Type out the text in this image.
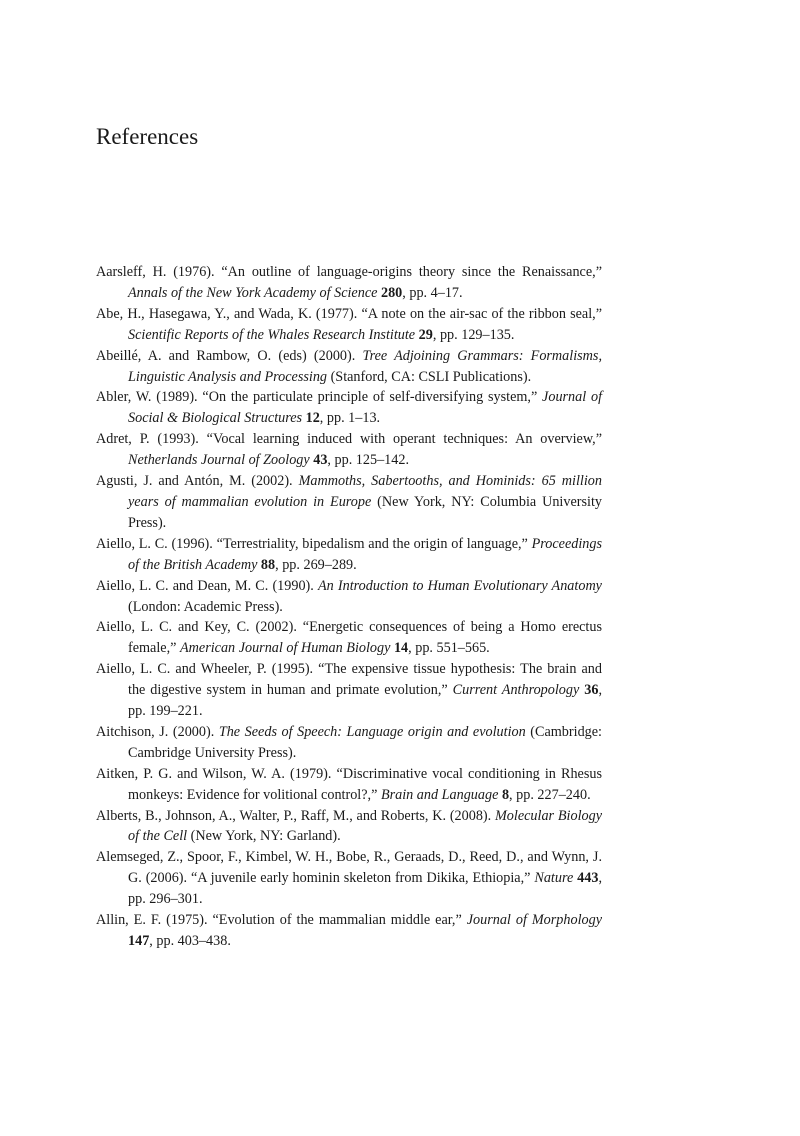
References
Aarsleff, H. (1976). “An outline of language-origins theory since the Renaissance,” Annals of the New York Academy of Science 280, pp. 4–17.
Abe, H., Hasegawa, Y., and Wada, K. (1977). “A note on the air-sac of the ribbon seal,” Scientific Reports of the Whales Research Institute 29, pp. 129–135.
Abeillé, A. and Rambow, O. (eds) (2000). Tree Adjoining Grammars: Formalisms, Linguistic Analysis and Processing (Stanford, CA: CSLI Publications).
Abler, W. (1989). “On the particulate principle of self-diversifying system,” Journal of Social & Biological Structures 12, pp. 1–13.
Adret, P. (1993). “Vocal learning induced with operant techniques: An overview,” Netherlands Journal of Zoology 43, pp. 125–142.
Agusti, J. and Antón, M. (2002). Mammoths, Sabertooths, and Hominids: 65 million years of mammalian evolution in Europe (New York, NY: Columbia University Press).
Aiello, L. C. (1996). “Terrestriality, bipedalism and the origin of language,” Proceedings of the British Academy 88, pp. 269–289.
Aiello, L. C. and Dean, M. C. (1990). An Introduction to Human Evolutionary Anatomy (London: Academic Press).
Aiello, L. C. and Key, C. (2002). “Energetic consequences of being a Homo erectus female,” American Journal of Human Biology 14, pp. 551–565.
Aiello, L. C. and Wheeler, P. (1995). “The expensive tissue hypothesis: The brain and the digestive system in human and primate evolution,” Current Anthropology 36, pp. 199–221.
Aitchison, J. (2000). The Seeds of Speech: Language origin and evolution (Cambridge: Cambridge University Press).
Aitken, P. G. and Wilson, W. A. (1979). “Discriminative vocal conditioning in Rhesus monkeys: Evidence for volitional control?,” Brain and Language 8, pp. 227–240.
Alberts, B., Johnson, A., Walter, P., Raff, M., and Roberts, K. (2008). Molecular Biology of the Cell (New York, NY: Garland).
Alemseged, Z., Spoor, F., Kimbel, W. H., Bobe, R., Geraads, D., Reed, D., and Wynn, J. G. (2006). “A juvenile early hominin skeleton from Dikika, Ethiopia,” Nature 443, pp. 296–301.
Allin, E. F. (1975). “Evolution of the mammalian middle ear,” Journal of Morphology 147, pp. 403–438.
